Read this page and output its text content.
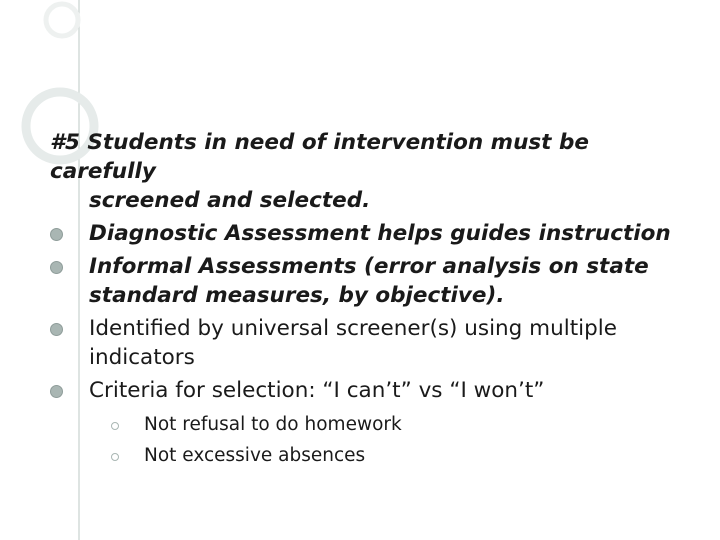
#5 Students in need of intervention must be carefully
screened and selected.
Diagnostic Assessment helps guides instruction
Informal Assessments (error analysis on state standard measures, by objective).
Identified by universal screener(s) using multiple indicators
Criteria for selection: “I can’t” vs “I won’t”
Not refusal to do homework
Not excessive absences
